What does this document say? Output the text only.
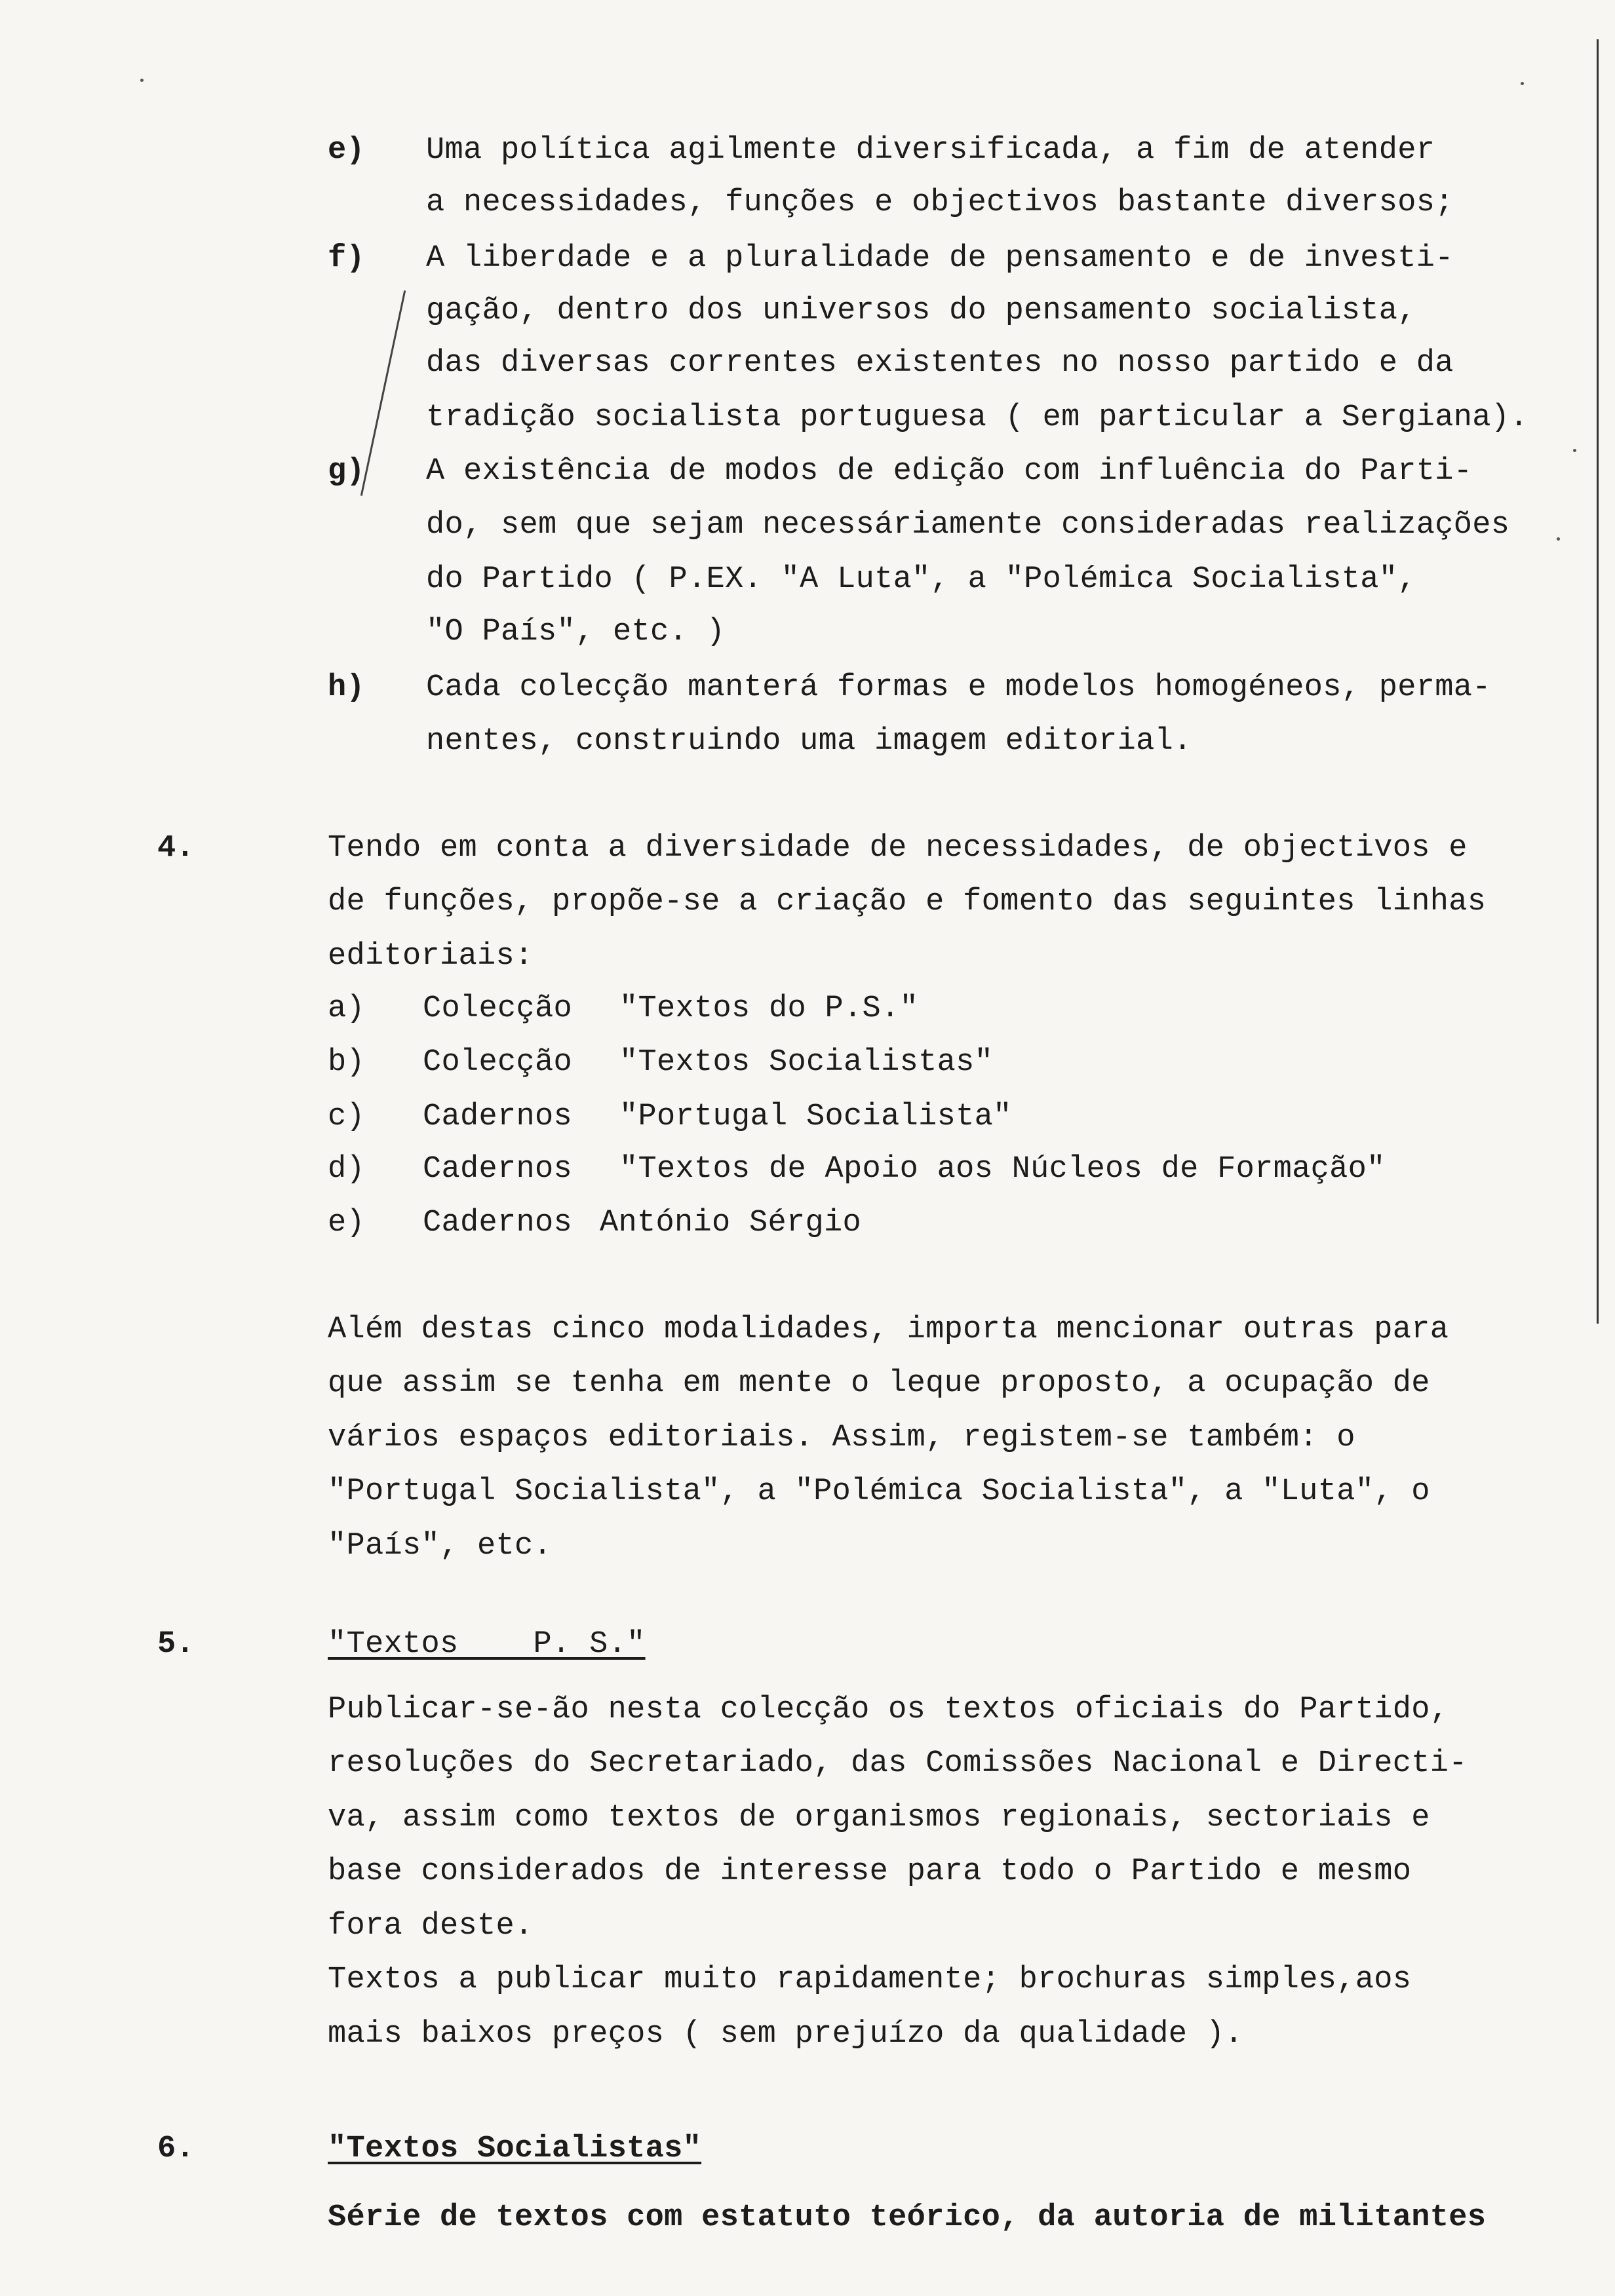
e) Uma política agilmente diversificada, a fim de atender
a necessidades, funções e objectivos bastante diversos;
f) A liberdade e a pluralidade de pensamento e de investi-
gação, dentro dos universos do pensamento socialista,
das diversas correntes existentes no nosso partido e da
tradição socialista portuguesa ( em particular a Sergiana).
g) A existência de modos de edição com influência do Parti-
do, sem que sejam necessáriamente consideradas realizações
do Partido ( P.EX. "A Luta", a "Polémica Socialista",
"O País", etc. )
h) Cada colecção manterá formas e modelos homogéneos, perma-
nentes, construindo uma imagem editorial.
4.	Tendo em conta a diversidade de necessidades, de objectivos e
de funções, propõe-se a criação e fomento das seguintes linhas
editoriais:
a) Colecção "Textos do P.S."
b) Colecção "Textos Socialistas"
c) Cadernos "Portugal Socialista"
d) Cadernos "Textos de Apoio aos Núcleos de Formação"
e) Cadernos António Sérgio
Além destas cinco modalidades, importa mencionar outras para
que assim se tenha em mente o leque proposto, a ocupação de
vários espaços editoriais. Assim, registem-se também: o
"Portugal Socialista", a "Polémica Socialista", a "Luta", o
"País", etc.
5.	"Textos    P. S."
Publicar-se-ão nesta colecção os textos oficiais do Partido,
resoluções do Secretariado, das Comissões Nacional e Directi-
va, assim como textos de organismos regionais, sectoriais e
base considerados de interesse para todo o Partido e mesmo
fora deste.
Textos a publicar muito rapidamente; brochuras simples,aos
mais baixos preços ( sem prejuízo da qualidade ).
6.	"Textos Socialistas"
Série de textos com estatuto teórico, da autoria de militantes
